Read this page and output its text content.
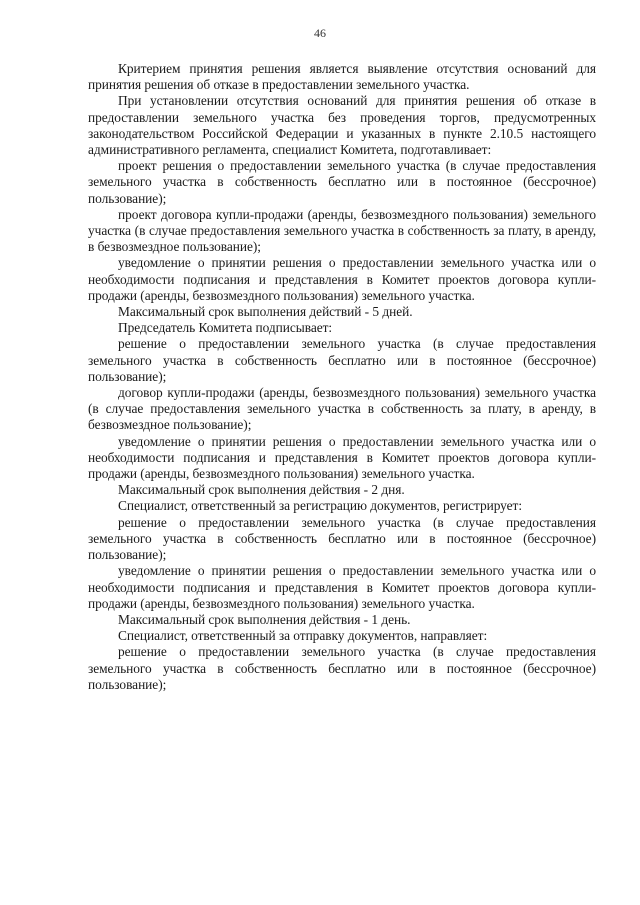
46

Критерием принятия решения является выявление отсутствия оснований для принятия решения об отказе в предоставлении земельного участка.

При установлении отсутствия оснований для принятия решения об отказе в предоставлении земельного участка без проведения торгов, предусмотренных законодательством Российской Федерации и указанных в пункте 2.10.5 настоящего административного регламента, специалист Комитета, подготавливает:

проект решения о предоставлении земельного участка (в случае предоставления земельного участка в собственность бесплатно или в постоянное (бессрочное) пользование);

проект договора купли-продажи (аренды, безвозмездного пользования) земельного участка (в случае предоставления земельного участка в собственность за плату, в аренду, в безвозмездное пользование);

уведомление о принятии решения о предоставлении земельного участка или о необходимости подписания и представления в Комитет проектов договора купли-продажи (аренды, безвозмездного пользования) земельного участка.

Максимальный срок выполнения действий - 5 дней.

Председатель Комитета подписывает:

решение о предоставлении земельного участка (в случае предоставления земельного участка в собственность бесплатно или в постоянное (бессрочное) пользование);

договор купли-продажи (аренды, безвозмездного пользования) земельного участка (в случае предоставления земельного участка в собственность за плату, в аренду, в безвозмездное пользование);

уведомление о принятии решения о предоставлении земельного участка или о необходимости подписания и представления в Комитет проектов договора купли-продажи (аренды, безвозмездного пользования) земельного участка.

Максимальный срок выполнения действия - 2 дня.

Специалист, ответственный за регистрацию документов, регистрирует:

решение о предоставлении земельного участка (в случае предоставления земельного участка в собственность бесплатно или в постоянное (бессрочное) пользование);

уведомление о принятии решения о предоставлении земельного участка или о необходимости подписания и представления в Комитет проектов договора купли-продажи (аренды, безвозмездного пользования) земельного участка.

Максимальный срок выполнения действия - 1 день.

Специалист, ответственный за отправку документов, направляет:

решение о предоставлении земельного участка (в случае предоставления земельного участка в собственность бесплатно или в постоянное (бессрочное) пользование);
